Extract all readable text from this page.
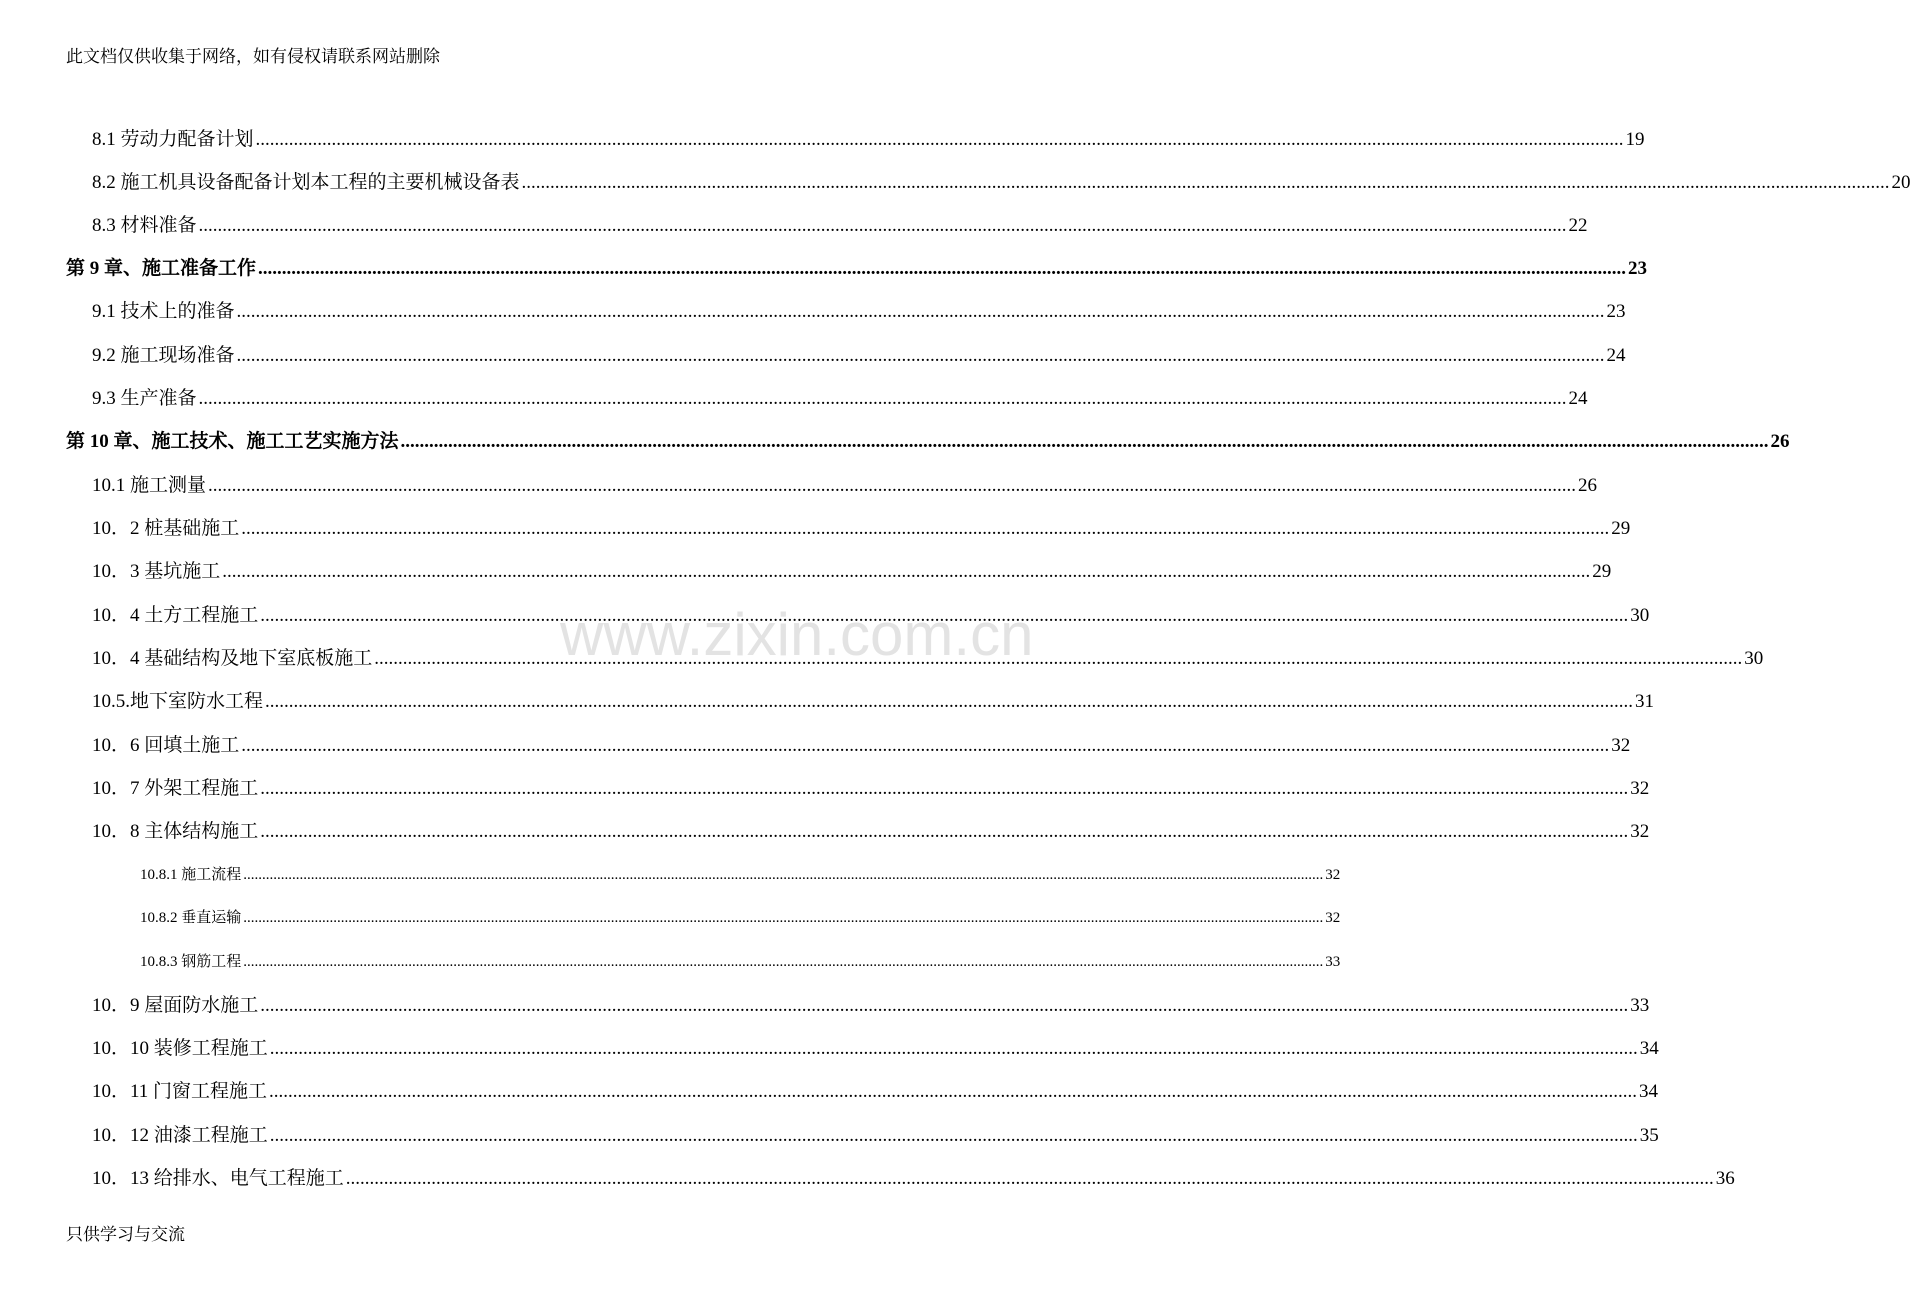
此文档仅供收集于网络，如有侵权请联系网站删除
www.zixin.com.cn
8.1 劳动力配备计划 .....	19
8.2 施工机具设备配备计划本工程的主要机械设备表 .....	20
8.3 材料准备 .....	22
第 9 章、施工准备工作 .....	23
9.1 技术上的准备 .....	23
9.2 施工现场准备 .....	24
9.3 生产准备 .....	24
第 10 章、施工技术、施工工艺实施方法 .....	26
10.1 施工测量 .....	26
10．2 桩基础施工 .....	29
10．3 基坑施工 .....	29
10．4 土方工程施工 .....	30
10．4 基础结构及地下室底板施工 .....	30
10.5.地下室防水工程 .....	31
10．6 回填土施工 .....	32
10．7 外架工程施工 .....	32
10．8 主体结构施工 .....	32
10.8.1 施工流程 .....	32
10.8.2 垂直运输 .....	32
10.8.3 钢筋工程 .....	33
10．9 屋面防水施工 .....	33
10．10 装修工程施工 .....	34
10．11 门窗工程施工 .....	34
10．12 油漆工程施工 .....	35
10．13 给排水、电气工程施工 .....	36
只供学习与交流
